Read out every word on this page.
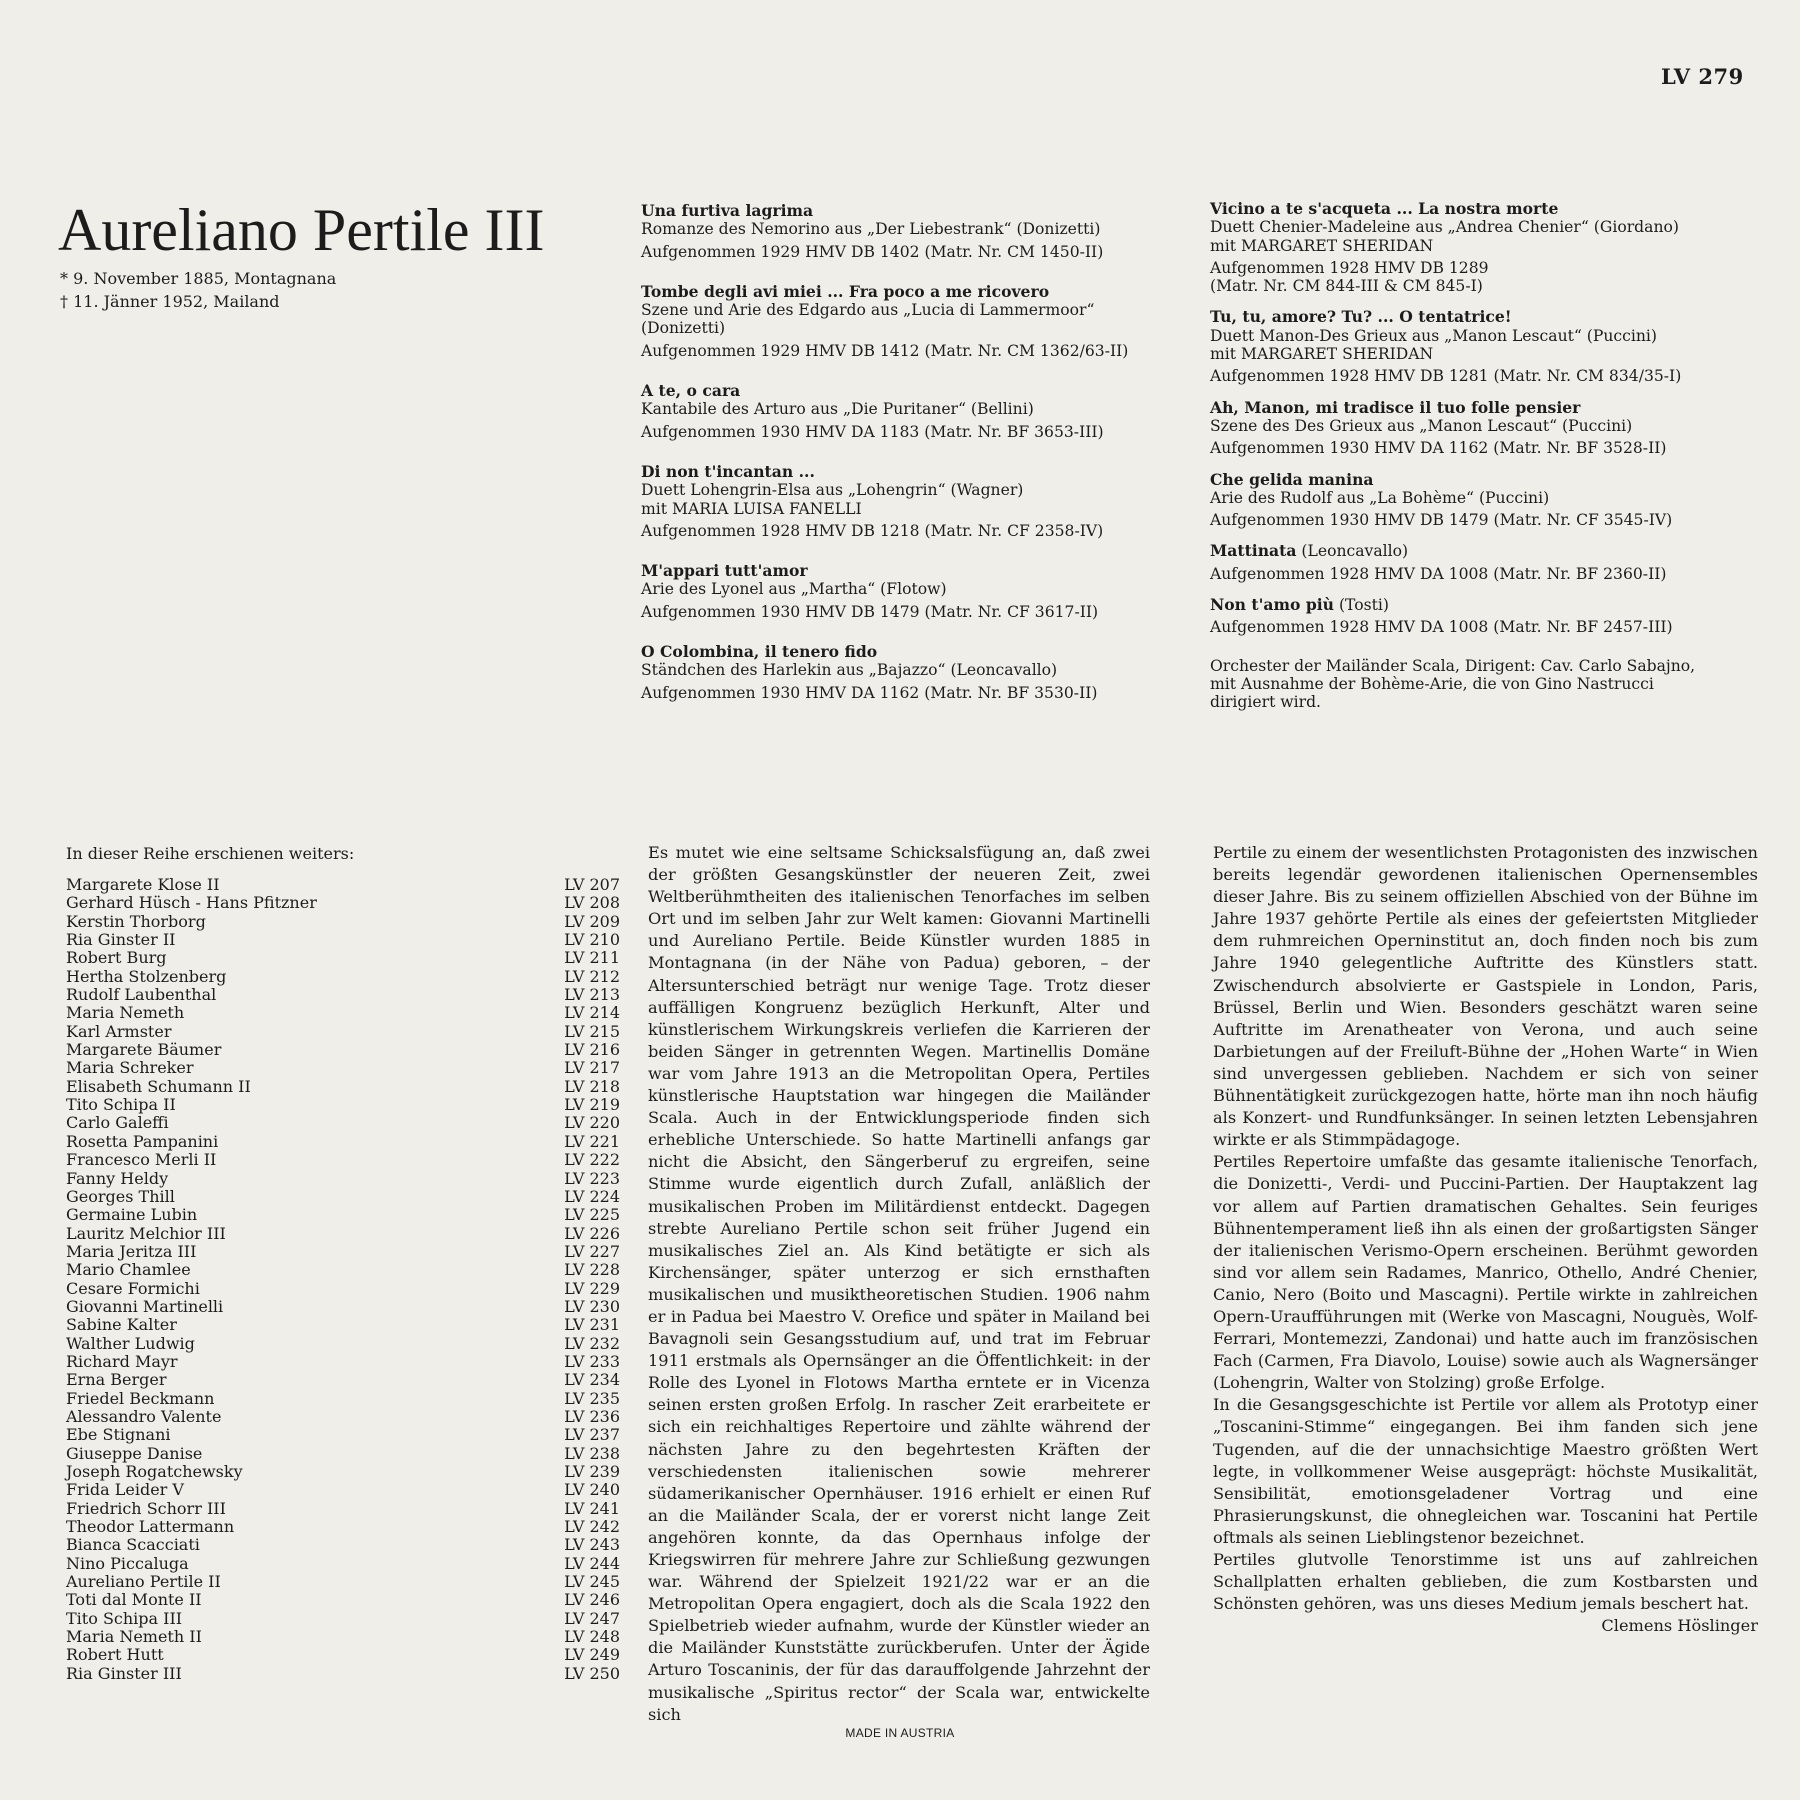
LV 279
Aureliano Pertile III
* 9. November 1885, Montagnana
† 11. Jänner 1952, Mailand
Una furtiva lagrima
Romanze des Nemorino aus „Der Liebestrank“ (Donizetti)
Aufgenommen 1929 HMV DB 1402 (Matr. Nr. CM 1450-II)
Tombe degli avi miei ... Fra poco a me ricovero
Szene und Arie des Edgardo aus „Lucia di Lammermoor“
(Donizetti)
Aufgenommen 1929 HMV DB 1412 (Matr. Nr. CM 1362/63-II)
A te, o cara
Kantabile des Arturo aus „Die Puritaner“ (Bellini)
Aufgenommen 1930 HMV DA 1183 (Matr. Nr. BF 3653-III)
Di non t'incantan ...
Duett Lohengrin-Elsa aus „Lohengrin“ (Wagner)
mit MARIA LUISA FANELLI
Aufgenommen 1928 HMV DB 1218 (Matr. Nr. CF 2358-IV)
M'appari tutt'amor
Arie des Lyonel aus „Martha“ (Flotow)
Aufgenommen 1930 HMV DB 1479 (Matr. Nr. CF 3617-II)
O Colombina, il tenero fido
Ständchen des Harlekin aus „Bajazzo“ (Leoncavallo)
Aufgenommen 1930 HMV DA 1162 (Matr. Nr. BF 3530-II)
Vicino a te s'acqueta ... La nostra morte
Duett Chenier-Madeleine aus „Andrea Chenier“ (Giordano)
mit MARGARET SHERIDAN
Aufgenommen 1928 HMV DB 1289
(Matr. Nr. CM 844-III & CM 845-I)
Tu, tu, amore? Tu? ... O tentatrice!
Duett Manon-Des Grieux aus „Manon Lescaut“ (Puccini)
mit MARGARET SHERIDAN
Aufgenommen 1928 HMV DB 1281 (Matr. Nr. CM 834/35-I)
Ah, Manon, mi tradisce il tuo folle pensier
Szene des Des Grieux aus „Manon Lescaut“ (Puccini)
Aufgenommen 1930 HMV DA 1162 (Matr. Nr. BF 3528-II)
Che gelida manina
Arie des Rudolf aus „La Bohème“ (Puccini)
Aufgenommen 1930 HMV DB 1479 (Matr. Nr. CF 3545-IV)
Mattinata (Leoncavallo)
Aufgenommen 1928 HMV DA 1008 (Matr. Nr. BF 2360-II)
Non t'amo più (Tosti)
Aufgenommen 1928 HMV DA 1008 (Matr. Nr. BF 2457-III)
Orchester der Mailänder Scala, Dirigent: Cav. Carlo Sabajno,
mit Ausnahme der Bohème-Arie, die von Gino Nastrucci
dirigiert wird.
In dieser Reihe erschienen weiters:
Margarete Klose II	LV 207
Gerhard Hüsch - Hans Pfitzner	LV 208
Kerstin Thorborg	LV 209
Ria Ginster II	LV 210
Robert Burg	LV 211
Hertha Stolzenberg	LV 212
Rudolf Laubenthal	LV 213
Maria Nemeth	LV 214
Karl Armster	LV 215
Margarete Bäumer	LV 216
Maria Schreker	LV 217
Elisabeth Schumann II	LV 218
Tito Schipa II	LV 219
Carlo Galeffi	LV 220
Rosetta Pampanini	LV 221
Francesco Merli II	LV 222
Fanny Heldy	LV 223
Georges Thill	LV 224
Germaine Lubin	LV 225
Lauritz Melchior III	LV 226
Maria Jeritza III	LV 227
Mario Chamlee	LV 228
Cesare Formichi	LV 229
Giovanni Martinelli	LV 230
Sabine Kalter	LV 231
Walther Ludwig	LV 232
Richard Mayr	LV 233
Erna Berger	LV 234
Friedel Beckmann	LV 235
Alessandro Valente	LV 236
Ebe Stignani	LV 237
Giuseppe Danise	LV 238
Joseph Rogatchewsky	LV 239
Frida Leider V	LV 240
Friedrich Schorr III	LV 241
Theodor Lattermann	LV 242
Bianca Scacciati	LV 243
Nino Piccaluga	LV 244
Aureliano Pertile II	LV 245
Toti dal Monte II	LV 246
Tito Schipa III	LV 247
Maria Nemeth II	LV 248
Robert Hutt	LV 249
Ria Ginster III	LV 250

Es mutet wie eine seltsame Schicksalsfügung an, daß zwei der größten Gesangskünstler der neueren Zeit, zwei Weltberühmtheiten des italienischen Tenorfaches im selben Ort und im selben Jahr zur Welt kamen: Giovanni Martinelli und Aureliano Pertile. Beide Künstler wurden 1885 in Montagnana (in der Nähe von Padua) geboren, – der Altersunterschied beträgt nur wenige Tage. Trotz dieser auffälligen Kongruenz bezüglich Herkunft, Alter und künstlerischem Wirkungskreis verliefen die Karrieren der beiden Sänger in getrennten Wegen. Martinellis Domäne war vom Jahre 1913 an die Metropolitan Opera, Pertiles künstlerische Hauptstation war hingegen die Mailänder Scala. Auch in der Entwicklungsperiode finden sich erhebliche Unterschiede. So hatte Martinelli anfangs gar nicht die Absicht, den Sängerberuf zu ergreifen, seine Stimme wurde eigentlich durch Zufall, anläßlich der musikalischen Proben im Militärdienst entdeckt. Dagegen strebte Aureliano Pertile schon seit früher Jugend ein musikalisches Ziel an. Als Kind betätigte er sich als Kirchensänger, später unterzog er sich ernsthaften musikalischen und musiktheoretischen Studien. 1906 nahm er in Padua bei Maestro V. Orefice und später in Mailand bei Bavagnoli sein Gesangsstudium auf, und trat im Februar 1911 erstmals als Opernsänger an die Öffentlichkeit: in der Rolle des Lyonel in Flotows Martha erntete er in Vicenza seinen ersten großen Erfolg. In rascher Zeit erarbeitete er sich ein reichhaltiges Repertoire und zählte während der nächsten Jahre zu den begehrtesten Kräften der verschiedensten italienischen sowie mehrerer südamerikanischer Opernhäuser. 1916 erhielt er einen Ruf an die Mailänder Scala, der er vorerst nicht lange Zeit angehören konnte, da das Opernhaus infolge der Kriegswirren für mehrere Jahre zur Schließung gezwungen war. Während der Spielzeit 1921/22 war er an die Metropolitan Opera engagiert, doch als die Scala 1922 den Spielbetrieb wieder aufnahm, wurde der Künstler wieder an die Mailänder Kunststätte zurückberufen. Unter der Ägide Arturo Toscaninis, der für das darauffolgende Jahrzehnt der musikalische „Spiritus rector“ der Scala war, entwickelte sich

Pertile zu einem der wesentlichsten Protagonisten des inzwischen bereits legendär gewordenen italienischen Opernensembles dieser Jahre. Bis zu seinem offiziellen Abschied von der Bühne im Jahre 1937 gehörte Pertile als eines der gefeiertsten Mitglieder dem ruhmreichen Operninstitut an, doch finden noch bis zum Jahre 1940 gelegentliche Auftritte des Künstlers statt. Zwischendurch absolvierte er Gastspiele in London, Paris, Brüssel, Berlin und Wien. Besonders geschätzt waren seine Auftritte im Arenatheater von Verona, und auch seine Darbietungen auf der Freiluft-Bühne der „Hohen Warte“ in Wien sind unvergessen geblieben. Nachdem er sich von seiner Bühnentätigkeit zurückgezogen hatte, hörte man ihn noch häufig als Konzert- und Rundfunksänger. In seinen letzten Lebensjahren wirkte er als Stimmpädagoge.

Pertiles Repertoire umfaßte das gesamte italienische Tenorfach, die Donizetti-, Verdi- und Puccini-Partien. Der Hauptakzent lag vor allem auf Partien dramatischen Gehaltes. Sein feuriges Bühnentemperament ließ ihn als einen der großartigsten Sänger der italienischen Verismo-Opern erscheinen. Berühmt geworden sind vor allem sein Radames, Manrico, Othello, André Chenier, Canio, Nero (Boito und Mascagni). Pertile wirkte in zahlreichen Opern-Uraufführungen mit (Werke von Mascagni, Nouguès, Wolf-Ferrari, Montemezzi, Zandonai) und hatte auch im französischen Fach (Carmen, Fra Diavolo, Louise) sowie auch als Wagnersänger (Lohengrin, Walter von Stolzing) große Erfolge.

In die Gesangsgeschichte ist Pertile vor allem als Prototyp einer „Toscanini-Stimme“ eingegangen. Bei ihm fanden sich jene Tugenden, auf die der unnachsichtige Maestro größten Wert legte, in vollkommener Weise ausgeprägt: höchste Musikalität, Sensibilität, emotionsgeladener Vortrag und eine Phrasierungskunst, die ohnegleichen war. Toscanini hat Pertile oftmals als seinen Lieblingstenor bezeichnet.

Pertiles glutvolle Tenorstimme ist uns auf zahlreichen Schallplatten erhalten geblieben, die zum Kostbarsten und Schönsten gehören, was uns dieses Medium jemals beschert hat.

Clemens Höslinger

MADE IN AUSTRIA
